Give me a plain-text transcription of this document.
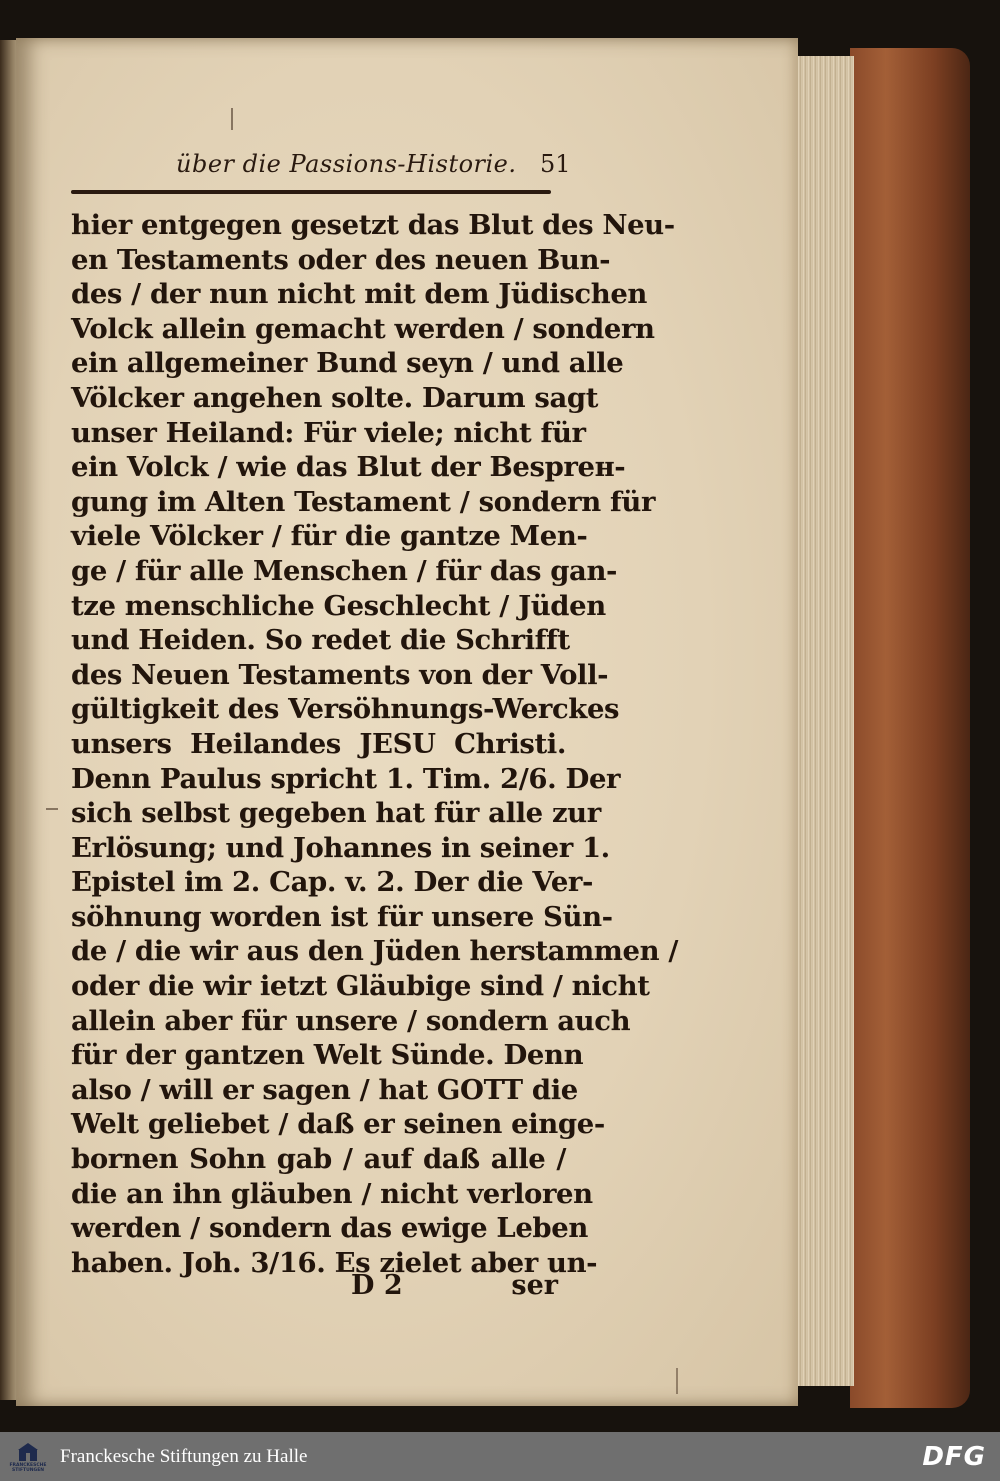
über die Passions-Historie. 51
hier entgegen gesetzt das Blut des Neu-
en Testaments oder des neuen Bun-
des / der nun nicht mit dem Jüdischen
Volck allein gemacht werden / sondern
ein allgemeiner Bund seyn / und alle
Völcker angehen solte. Darum sagt
unser Heiland: Für viele; nicht für
ein Volck / wie das Blut der Besprен-
gung im Alten Testament / sondern für
viele Völcker / für die gantze Men-
ge / für alle Menschen / für das gan-
tze menschliche Geschlecht / Jüden
und Heiden. So redet die Schrifft
des Neuen Testaments von der Voll-
gültigkeit des Versöhnungs-Werckes
unsers Heilandes JESU Christi.
Denn Paulus spricht 1. Tim. 2/6. Der
sich selbst gegeben hat für alle zur
Erlösung; und Johannes in seiner 1.
Epistel im 2. Cap. v. 2. Der die Ver-
söhnung worden ist für unsere Sün-
de / die wir aus den Jüden herstammen /
oder die wir ietzt Gläubige sind / nicht
allein aber für unsere / sondern auch
für der gantzen Welt Sünde. Denn
also / will er sagen / hat GOTT die
Welt geliebet / daß er seinen einge-
bornen Sohn gab / auf daß alle /
die an ihn gläuben / nicht verloren
werden / sondern das ewige Leben
haben. Joh. 3/16. Es zielet aber un-
D 2	ser
FRANCKESCHE STIFTUNGEN
Franckesche Stiftungen zu Halle	DFG
